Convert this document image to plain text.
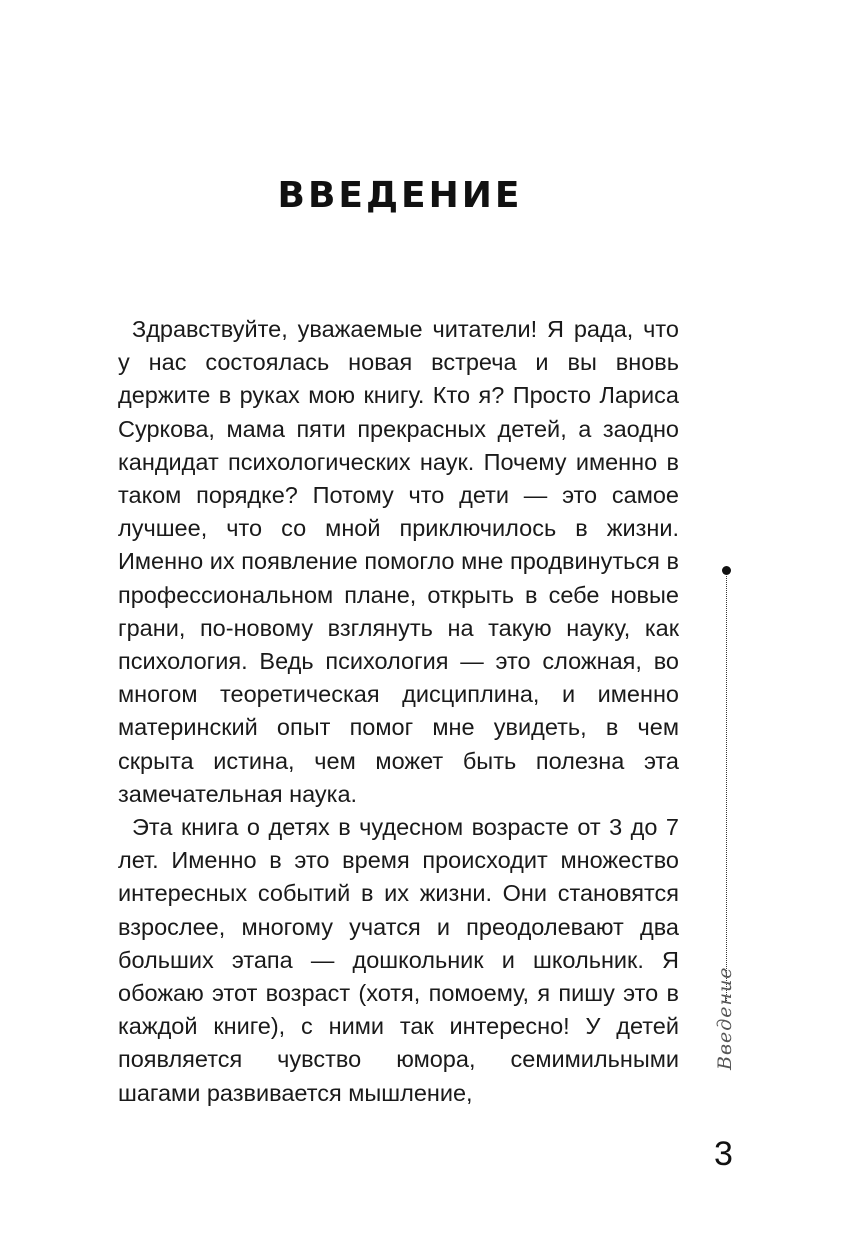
ВВЕДЕНИЕ

Здравствуйте, уважаемые читатели! Я рада, что у нас состоялась новая встреча и вы вновь держите в руках мою книгу. Кто я? Просто Лариса Суркова, мама пяти прекрасных детей, а заодно кандидат психологических наук. Почему именно в таком порядке? Потому что дети — это самое лучшее, что со мной приключилось в жизни. Именно их появление помогло мне продвинуться в профессиональном плане, открыть в себе новые грани, по-новому взглянуть на такую науку, как психология. Ведь психология — это сложная, во многом теоретическая дисциплина, и именно материнский опыт помог мне увидеть, в чем скрыта истина, чем может быть полезна эта замечательная наука.

Эта книга о детях в чудесном возрасте от 3 до 7 лет. Именно в это время происходит множество интересных событий в их жизни. Они становятся взрослее, многому учатся и преодолевают два больших этапа — дошкольник и школьник. Я обожаю этот возраст (хотя, помоему, я пишу это в каждой книге), с ними так интересно! У детей появляется чувство юмора, семимильными шагами развивается мышление,

Введение
3
